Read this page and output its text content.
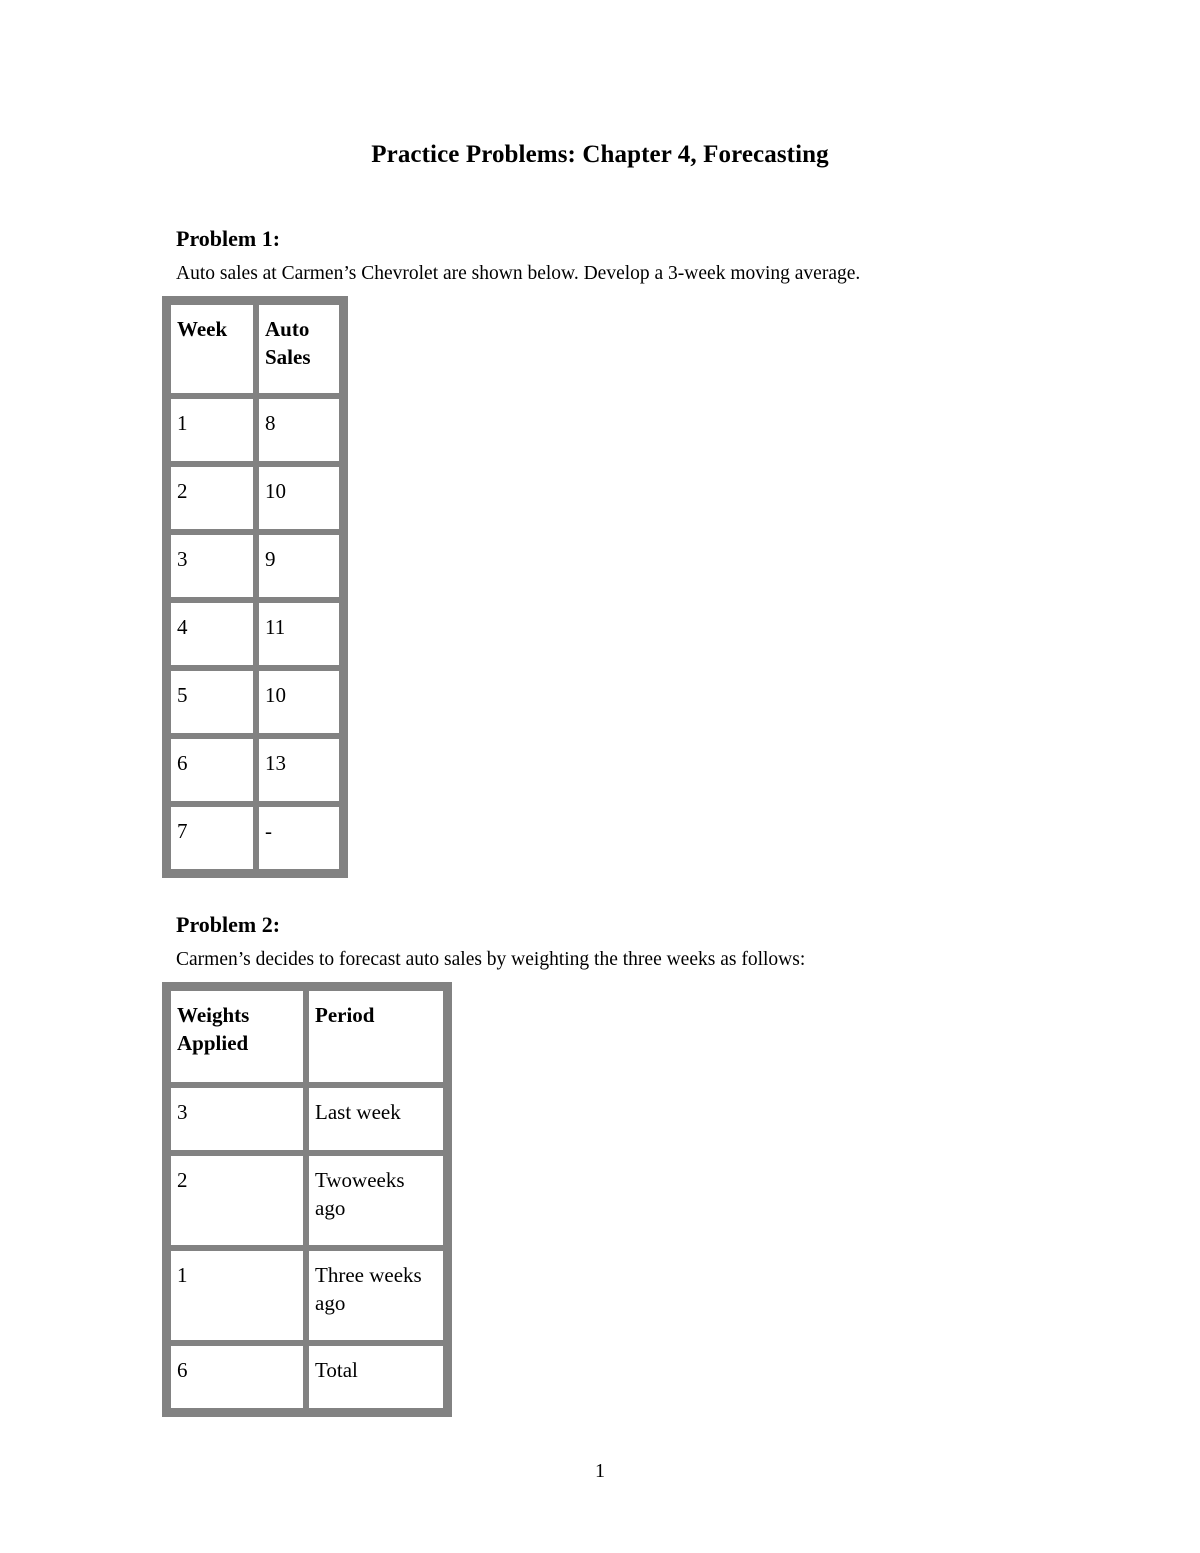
Practice Problems: Chapter 4, Forecasting
Problem 1:

Auto sales at Carmen’s Chevrolet are shown below. Develop a 3-week moving average.

Week	Auto Sales
1	8
2	10
3	9
4	11
5	10
6	13
7	-
Problem 2:

Carmen’s decides to forecast auto sales by weighting the three weeks as follows:

Weights Applied	Period
3	Last week
2	Twoweeks ago
1	Three weeks ago
6	Total

1
